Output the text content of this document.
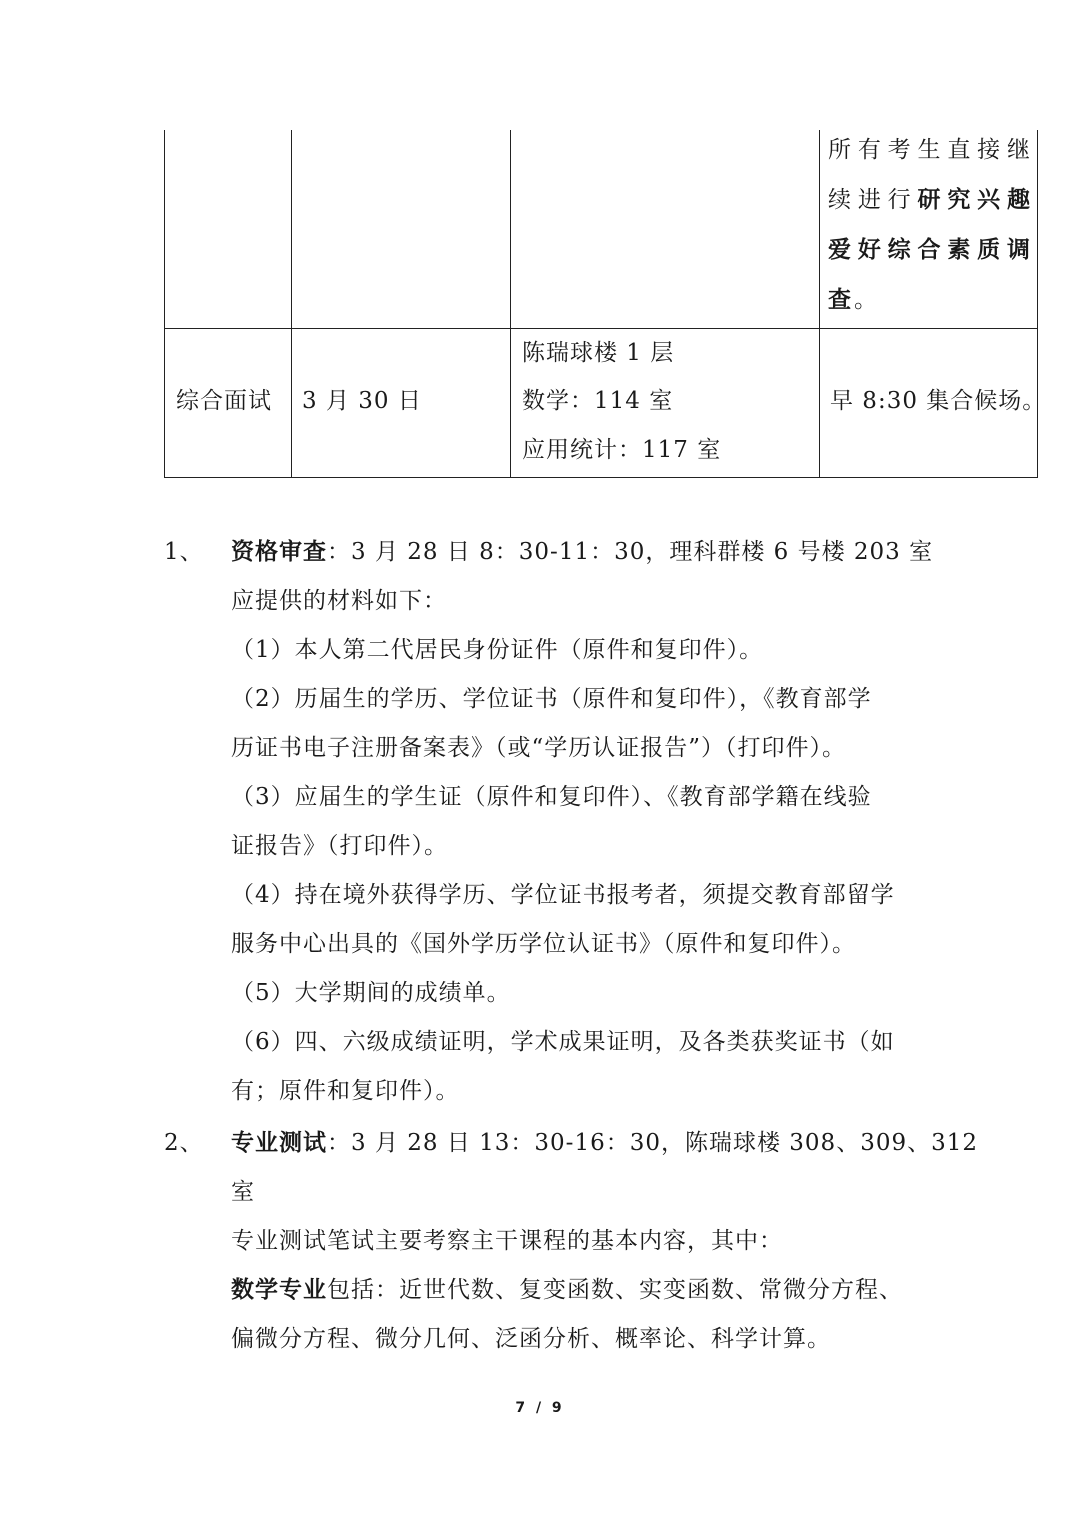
所有考生直接继续进行研究兴趣爱好综合素质调查。
综合面试 3 月 30 日
陈瑞球楼 1 层
数学：114 室
应用统计：117 室
早 8:30 集合候场。
1、 资格审查：3 月 28 日 8：30-11：30，理科群楼 6 号楼 203 室
应提供的材料如下：
（1）本人第二代居民身份证件（原件和复印件）。
（2）历届生的学历、学位证书（原件和复印件），《教育部学
历证书电子注册备案表》（或“学历认证报告”）（打印件）。
（3）应届生的学生证（原件和复印件）、《教育部学籍在线验
证报告》（打印件）。
（4）持在境外获得学历、学位证书报考者，须提交教育部留学
服务中心出具的《国外学历学位认证书》（原件和复印件）。
（5）大学期间的成绩单。
（6）四、六级成绩证明，学术成果证明，及各类获奖证书（如
有；原件和复印件）。
2、 专业测试：3 月 28 日 13：30-16：30，陈瑞球楼 308、309、312
室
专业测试笔试主要考察主干课程的基本内容，其中：
数学专业包括：近世代数、复变函数、实变函数、常微分方程、
偏微分方程、微分几何、泛函分析、概率论、科学计算。
7 / 9
